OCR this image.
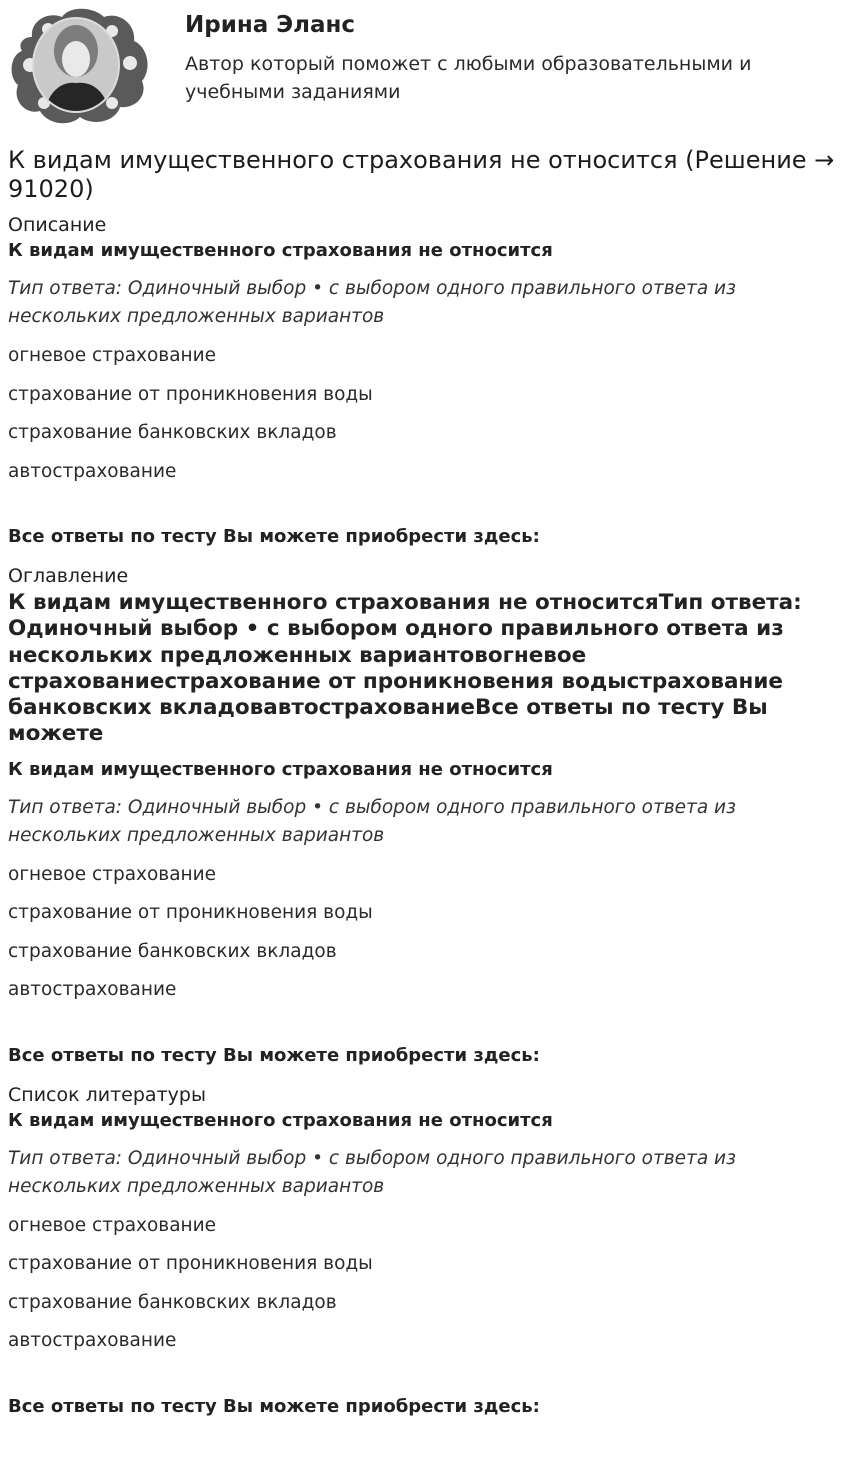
Ирина Эланс
Автор который поможет с любыми образовательными и учебными заданиями
К видам имущественного страхования не относится (Решение → 91020)
Описание
К видам имущественного страхования не относится
Тип ответа: Одиночный выбор • с выбором одного правильного ответа из нескольких предложенных вариантов
огневое страхование
страхование от проникновения воды
страхование банковских вкладов
автострахование
Все ответы по тесту Вы можете приобрести здесь:
Оглавление
К видам имущественного страхования не относитсяТип ответа: Одиночный выбор • с выбором одного правильного ответа из нескольких предложенных вариантовогневое страхованиестрахование от проникновения водыстрахование банковских вкладовавтострахованиеВсе ответы по тесту Вы можете
К видам имущественного страхования не относится
Тип ответа: Одиночный выбор • с выбором одного правильного ответа из нескольких предложенных вариантов
огневое страхование
страхование от проникновения воды
страхование банковских вкладов
автострахование
Все ответы по тесту Вы можете приобрести здесь:
Список литературы
К видам имущественного страхования не относится
Тип ответа: Одиночный выбор • с выбором одного правильного ответа из нескольких предложенных вариантов
огневое страхование
страхование от проникновения воды
страхование банковских вкладов
автострахование
Все ответы по тесту Вы можете приобрести здесь:
